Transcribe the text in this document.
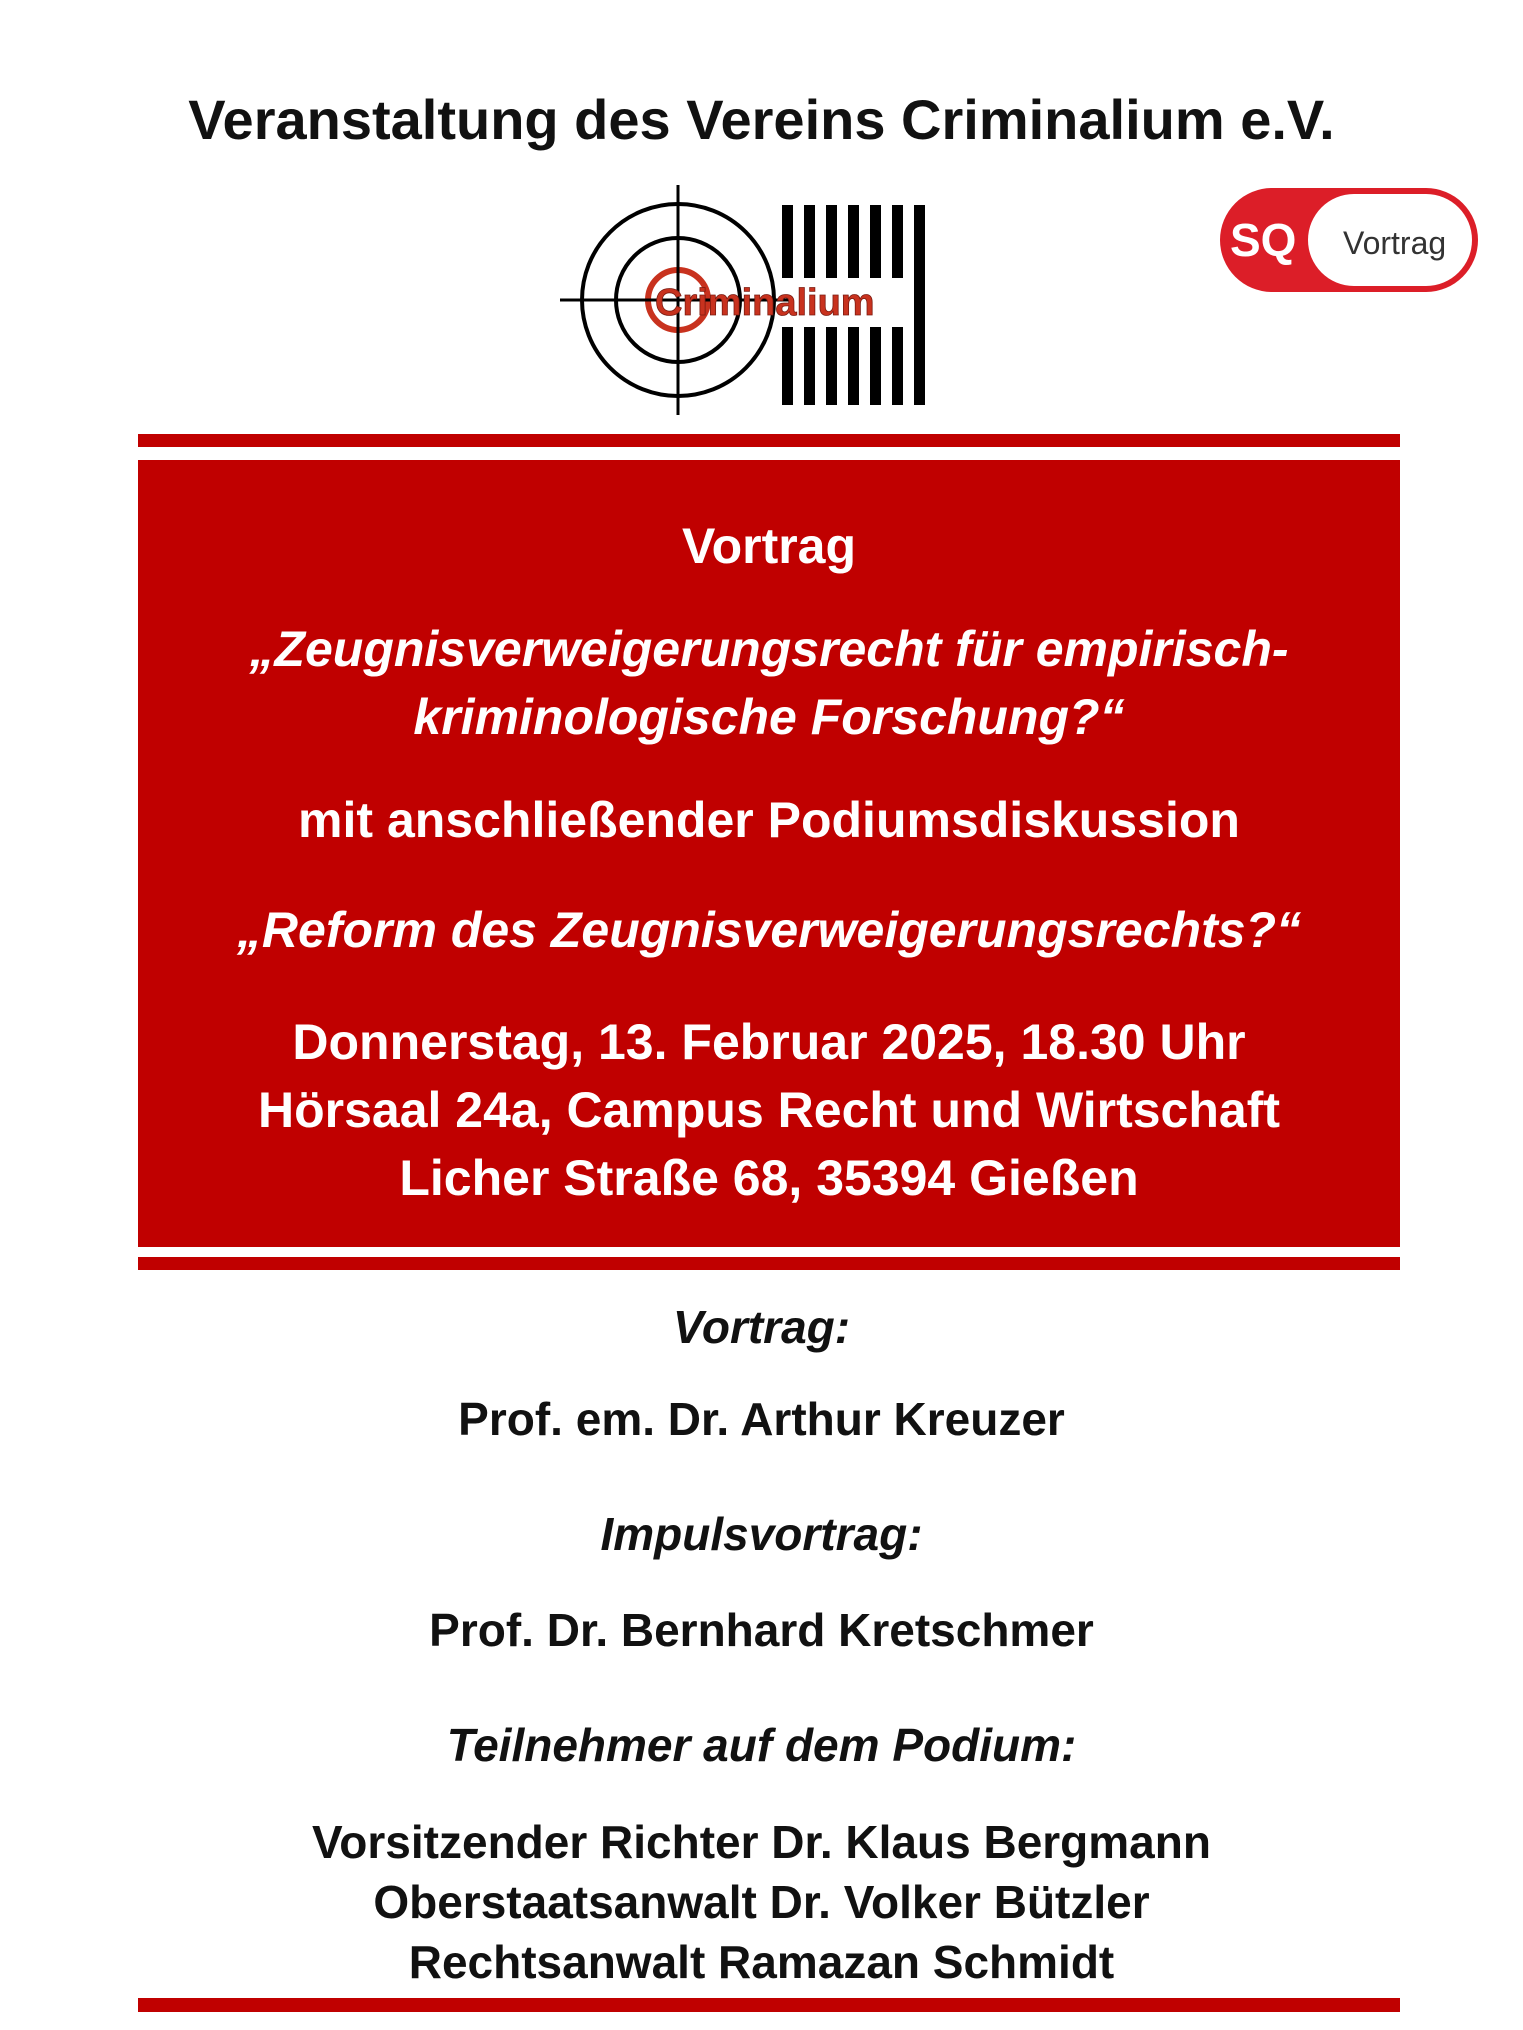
Veranstaltung des Vereins Criminalium e.V.
Criminalium
SQ Vortrag
Vortrag
„Zeugnisverweigerungsrecht für empirisch-
kriminologische Forschung?“
mit anschließender Podiumsdiskussion
„Reform des Zeugnisverweigerungsrechts?“
Donnerstag, 13. Februar 2025, 18.30 Uhr
Hörsaal 24a, Campus Recht und Wirtschaft
Licher Straße 68, 35394 Gießen
Vortrag:
Prof. em. Dr. Arthur Kreuzer
Impulsvortrag:
Prof. Dr. Bernhard Kretschmer
Teilnehmer auf dem Podium:
Vorsitzender Richter Dr. Klaus Bergmann
Oberstaatsanwalt Dr. Volker Bützler
Rechtsanwalt Ramazan Schmidt
